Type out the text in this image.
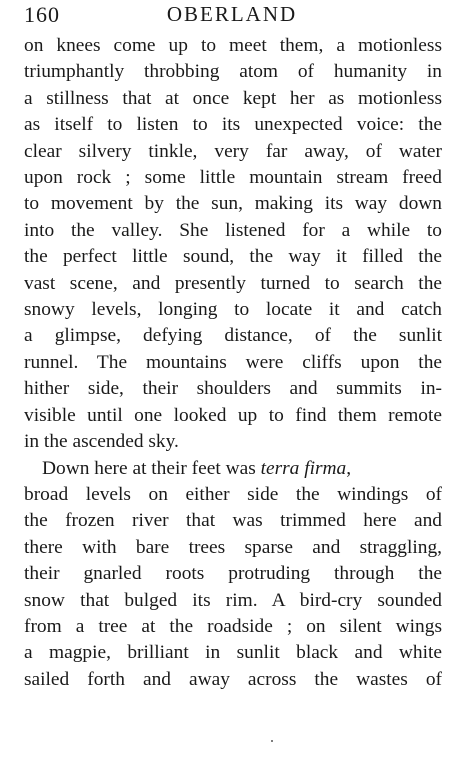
160	OBERLAND
on knees come up to meet them, a motionless
triumphantly throbbing atom of humanity in
a stillness that at once kept her as motionless
as itself to listen to its unexpected voice: the
clear silvery tinkle, very far away, of water
upon rock ; some little mountain stream freed
to movement by the sun, making its way down
into the valley. She listened for a while to
the perfect little sound, the way it filled the
vast scene, and presently turned to search the
snowy levels, longing to locate it and catch
a glimpse, defying distance, of the sunlit
runnel. The mountains were cliffs upon the
hither side, their shoulders and summits in-
visible until one looked up to find them remote
in the ascended sky.
Down here at their feet was terra firma,
broad levels on either side the windings of
the frozen river that was trimmed here and
there with bare trees sparse and straggling,
their gnarled roots protruding through the
snow that bulged its rim. A bird-cry sounded
from a tree at the roadside ; on silent wings
a magpie, brilliant in sunlit black and white
sailed forth and away across the wastes of
